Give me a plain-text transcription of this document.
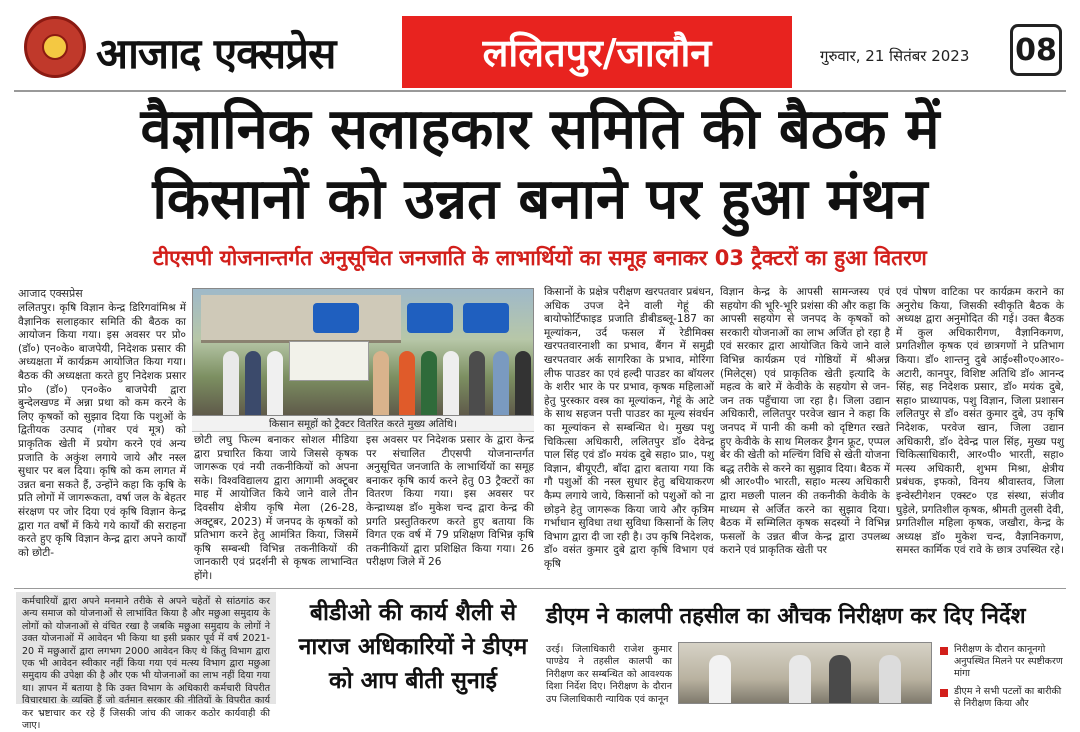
आजाद एक्सप्रेस	ललितपुर/जालौन	गुरुवार, 21 सितंबर 2023 08
वैज्ञानिक सलाहकार समिति की बैठक में
किसानों को उन्नत बनाने पर हुआ मंथन
टीएसपी योजनान्तर्गत अनुसूचित जनजाति के लाभार्थियों का समूह बनाकर 03 ट्रैक्टरों का हुआ वितरण
आजाद एक्सप्रेस
ललितपुर। कृषि विज्ञान केन्द्र डिरिगवांमिश्र में वैज्ञानिक सलाहकार समिति की बैठक का आयोजन किया गया। इस अवसर पर प्रो० (डॉ०) एन०के० बाजपेयी, निदेशक प्रसार की अध्यक्षता में कार्यक्रम आयोजित किया गया। बैठक की अध्यक्षता करते हुए निदेशक प्रसार प्रो० (डॉ०) एन०के० बाजपेयी द्वारा बुन्देलखण्ड में अन्ना प्रथा को कम करने के लिए कृषकों को सुझाव दिया कि पशुओं के द्वितीयक उत्पाद (गोबर एवं मूत्र) को प्राकृतिक खेती में प्रयोग करने एवं अन्य प्रजाति के अकुंश लगाये जाये और नस्ल सुधार पर बल दिया। कृषि को कम लागत में उन्नत बना सकते हैं, उन्होंने कहा कि कृषि के प्रति लोगों में जागरूकता, वर्षा जल के बेहतर संरक्षण पर जोर दिया एवं कृषि विज्ञान केन्द्र द्वारा गत वर्षों में किये गये कार्यों की सराहना करते हुए कृषि विज्ञान केन्द्र द्वारा अपने कार्यों को छोटी-
किसान समूहों को ट्रैक्टर वितरित करते मुख्य अतिथि।
छोटी लघु फिल्म बनाकर सोशल मीडिया द्वारा प्रचारित किया जाये जिससे कृषक जागरूक एवं नयी तकनीकियों को अपना सके। विश्वविद्यालय द्वारा आगामी अक्टूबर माह में आयोजित किये जाने वाले तीन दिवसीय क्षेत्रीय कृषि मेला (26-28, अक्टूबर, 2023) में जनपद के कृषकों को प्रतिभाग करने हेतु आमंत्रित किया, जिसमें कृषि सम्बन्धी विभिन्न तकनीकियों की जानकारी एवं प्रदर्शनी से कृषक लाभान्वित होंगे।
इस अवसर पर निदेशक प्रसार के द्वारा केन्द्र पर संचालित टीएसपी योजनान्तर्गत अनुसूचित जनजाति के लाभार्थियों का समूह बनाकर कृषि कार्य करने हेतु 03 ट्रैक्टरों का वितरण किया गया। इस अवसर पर केन्द्राध्यक्ष डॉ० मुकेश चन्द द्वारा केन्द्र की प्रगति प्रस्तुतिकरण करते हुए बताया कि विगत एक वर्ष में 79 प्रशिक्षण विभिन्न कृषि तकनीकियों द्वारा प्रशिक्षित किया गया। 26 परीक्षण जिले में 26
किसानों के प्रक्षेत्र परीक्षण खरपतवार प्रबंधन, अधिक उपज देने वाली गेहूं की बायोफोर्टिफाइड प्रजाति डीबीडब्लू-187 का मूल्यांकन, उर्द फसल में रेडीमिक्स खरपतवारनाशी का प्रभाव, बैंगन में समुद्री खरपतवार अर्क सागरिका के प्रभाव, मोरिंगा लीफ पाउडर का एवं हल्दी पाउडर का बॉयलर के शरीर भार के पर प्रभाव, कृषक महिलाओं हेतु पुरस्कार वस्त्र का मूल्यांकन, गेहूं के आटे के साथ सहजन पत्ती पाउडर का मूल्य संवर्धन का मूल्यांकन से सम्बन्धित थे। मुख्य पशु चिकित्सा अधिकारी, ललितपुर डॉ० देवेन्द्र पाल सिंह एवं डॉ० मयंक दुबे सहा० प्रा०, पशु विज्ञान, बीयूएटी, बाँदा द्वारा बताया गया कि गौ पशुओं की नस्ल सुधार हेतु बधियाकरण कैम्प लगाये जाये, किसानों को पशुओं को ना छोड़ने हेतु जागरूक किया जाये और कृत्रिम गर्भाधान सुविधा तथा सुविधा किसानों के लिए विभाग द्वारा दी जा रही है। उप कृषि निदेशक, डॉ० वसंत कुमार दुबे द्वारा कृषि विभाग एवं कृषि
विज्ञान केन्द्र के आपसी सामन्जस्य एवं सहयोग की भूरि-भूरि प्रशंसा की और कहा कि आपसी सहयोग से जनपद के कृषकों को सरकारी योजनाओं का लाभ अर्जित हो रहा है एवं सरकार द्वारा आयोजित किये जाने वाले विभिन्न कार्यक्रम एवं गोष्ठियों में श्रीअन्न (मिलेट्स) एवं प्राकृतिक खेती इत्यादि के महत्व के बारे में केवीके के सहयोग से जन-जन तक पहुँचाया जा रहा है। जिला उद्यान अधिकारी, ललितपुर परवेज खान ने कहा कि जनपद में पानी की कमी को दृष्टिगत रखते हुए केवीके के साथ मिलकर ड्रैगन फ्रूट, एप्पल बेर की खेती को मल्चिंग विधि से खेती योजना बद्ध तरीके से करने का सुझाव दिया। बैठक में श्री आर०पी० भारती, सहा० मत्स्य अधिकारी द्वारा मछली पालन की तकनीकी केवीके के माध्यम से अर्जित करने का सुझाव दिया। बैठक में सम्मिलित कृषक सदस्यों ने विभिन्न फसलों के उन्नत बीज केन्द्र द्वारा उपलब्ध कराने एवं प्राकृतिक खेती पर
एवं पोषण वाटिका पर कार्यक्रम कराने का अनुरोध किया, जिसकी स्वीकृति बैठक के अध्यक्ष द्वारा अनुमोदित की गई। उक्त बैठक में कुल अधिकारीगण, वैज्ञानिकगण, प्रगतिशील कृषक एवं छात्रगणों ने प्रतिभाग किया। डॉ० शान्तनु दुबे आई०सी०ए०आर०-अटारी, कानपुर, विशिष्ट अतिथि डॉ० आनन्द सिंह, सह निदेशक प्रसार, डॉ० मयंक दुबे, सहा० प्राध्यापक, पशु विज्ञान, जिला प्रशासन ललितपुर से डॉ० वसंत कुमार दुबे, उप कृषि निदेशक, परवेज खान, जिला उद्यान अधिकारी, डॉ० देवेन्द्र पाल सिंह, मुख्य पशु चिकित्साधिकारी, आर०पी० भारती, सहा० मत्स्य अधिकारी, शुभम मिश्रा, क्षेत्रीय प्रबंधक, इफको, विनय श्रीवास्तव, जिला इन्वेस्टीगेशन एक्स्ट० एड संस्था, संजीव घुड़ेले, प्रगतिशील कृषक, श्रीमती तुलसी देवी, प्रगतिशील महिला कृषक, जखौरा, केन्द्र के अध्यक्ष डॉ० मुकेश चन्द, वैज्ञानिकगण, समस्त कार्मिक एवं रावे के छात्र उपस्थित रहे।
कर्मचारियों द्वारा अपने मनमाने तरीके से अपने चहेतों से सांठगांठ कर अन्य समाज को योजनाओं से लाभांवित किया है और मछुआ समुदाय के लोगों को योजनाओं से वंचित रखा है जबकि मछुआ समुदाय के लोगों ने उक्त योजनाओं में आवेदन भी किया था इसी प्रकार पूर्व में वर्ष 2021-20 में मछुआरों द्वारा लगभग 2000 आवेदन किए थे किंतु विभाग द्वारा एक भी आवेदन स्वीकार नहीं किया गया एवं मत्स्य विभाग द्वारा मछुआ समुदाय की उपेक्षा की है और एक भी योजनाओं का लाभ नहीं दिया गया था। ज्ञापन में बताया है कि उक्त विभाग के अधिकारी कर्मचारी विपरीत विचारधारा के व्यक्ति हैं जो वर्तमान सरकार की नीतियों के विपरीत कार्य कर भ्रष्टाचार कर रहे हैं जिसकी जांच की जाकर कठोर कार्यवाही की जाए।
बीडीओ की कार्य शैली से नाराज अधिकारियों ने डीएम को आप बीती सुनाई
डीएम ने कालपी तहसील का औचक निरीक्षण कर दिए निर्देश
उरई। जिलाधिकारी राजेश कुमार पाण्डेय ने तहसील कालपी का निरीक्षण कर सम्बन्धित को आवश्यक दिशा निर्देश दिए। निरीक्षण के दौरान उप जिलाधिकारी न्यायिक एवं कानून
निरीक्षण के दौरान कानूनगो अनुपस्थित मिलने पर स्पष्टीकरण मांगा
डीएम ने सभी पटलों का बारीकी से निरीक्षण किया और
